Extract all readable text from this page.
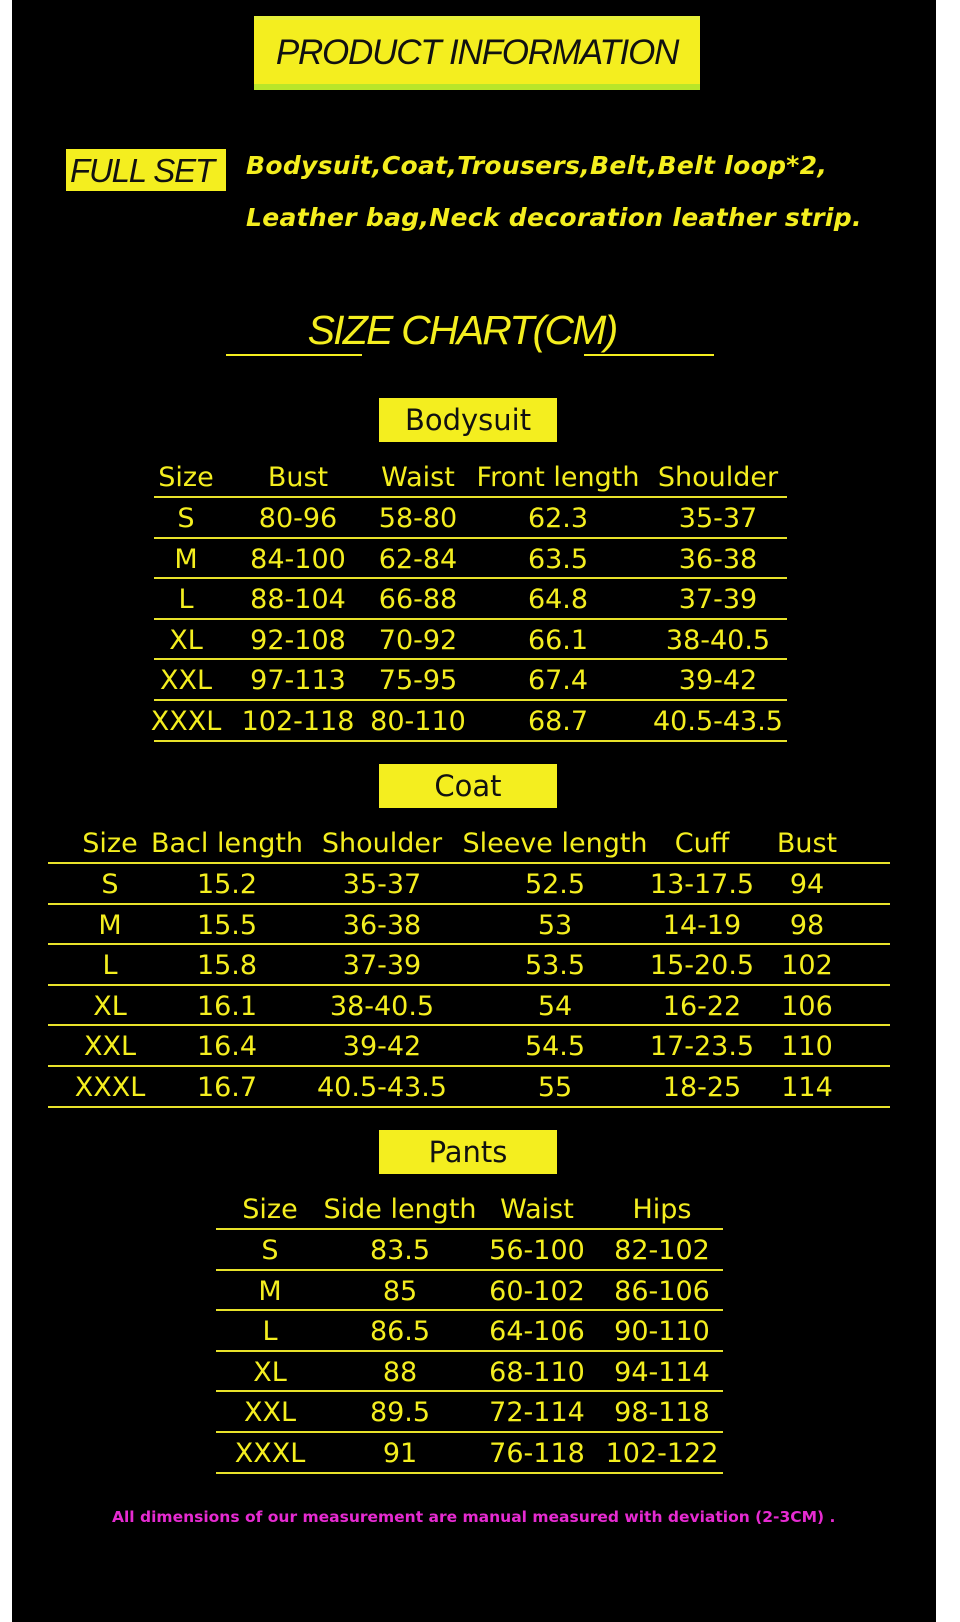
PRODUCT INFORMATION
FULL SET Bodysuit,Coat,Trousers,Belt,Belt loop*2,
Leather bag,Neck decoration leather strip.
SIZE CHART(CM)
Bodysuit
Size Bust Waist Front length Shoulder
S 80-96 58-80	62.3	35-37
M 84-100 62-84	63.5	36-38
L 88-104 66-88	64.8	37-39
XL 92-108 70-92	66.1	38-40.5
XXL 97-113 75-95	67.4	39-42
XXXL 102-118 80-110 68.7 40.5-43.5
Coat
Size Bacl length Shoulder Sleeve length Cuff Bust
S	15.2	35-37	52.5 13-17.5 94
M	15.5	36-38	53	14-19 98
L	15.8	37-39	53.5 15-20.5 102
XL	16.1	38-40.5	54	16-22 106
XXL 16.4	39-42	54.5 17-23.5 110
XXXL 16.7 40.5-43.5	55	18-25 114
Pants
Size Side length Waist Hips
S	83.5 56-100 82-102
M	85	60-102 86-106
L	86.5 64-106 90-110
XL	88	68-110 94-114
XXL	89.5 72-114 98-118
XXXL	91	76-118 102-122
All dimensions of our measurement are manual measured with deviation (2-3CM) .
